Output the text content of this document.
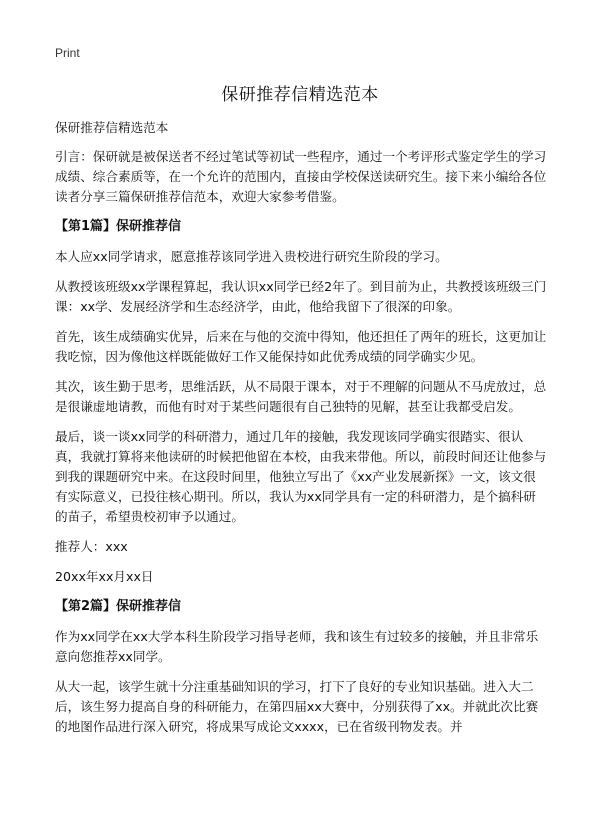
Print
保研推荐信精选范本

保研推荐信精选范本

引言：保研就是被保送者不经过笔试等初试一些程序，通过一个考评形式鉴定学生的学习成绩、综合素质等，在一个允许的范围内，直接由学校保送读研究生。接下来小编给各位读者分享三篇保研推荐信范本，欢迎大家参考借鉴。

【第1篇】保研推荐信

本人应xx同学请求，愿意推荐该同学进入贵校进行研究生阶段的学习。

从教授该班级xx学课程算起，我认识xx同学已经2年了。到目前为止，共教授该班级三门课：xx学、发展经济学和生态经济学，由此，他给我留下了很深的印象。

首先，该生成绩确实优异，后来在与他的交流中得知，他还担任了两年的班长，这更加让我吃惊，因为像他这样既能做好工作又能保持如此优秀成绩的同学确实少见。

其次，该生勤于思考，思维活跃，从不局限于课本，对于不理解的问题从不马虎放过，总是很谦虚地请教，而他有时对于某些问题很有自己独特的见解，甚至让我都受启发。

最后，谈一谈xx同学的科研潜力，通过几年的接触，我发现该同学确实很踏实、很认真，我就打算将来他读研的时候把他留在本校，由我来带他。所以，前段时间还让他参与到我的课题研究中来。在这段时间里，他独立写出了《xx产业发展新探》一文，该文很有实际意义，已投往核心期刊。所以，我认为xx同学具有一定的科研潜力，是个搞科研的苗子，希望贵校初审予以通过。

推荐人：xxx

20xx年xx月xx日

【第2篇】保研推荐信

作为xx同学在xx大学本科生阶段学习指导老师，我和该生有过较多的接触，并且非常乐意向您推荐xx同学。

从大一起，该学生就十分注重基础知识的学习，打下了良好的专业知识基础。进入大二后，该生努力提高自身的科研能力，在第四届xx大赛中，分别获得了xx。并就此次比赛的地图作品进行深入研究，将成果写成论文xxxx，已在省级刊物发表。并
